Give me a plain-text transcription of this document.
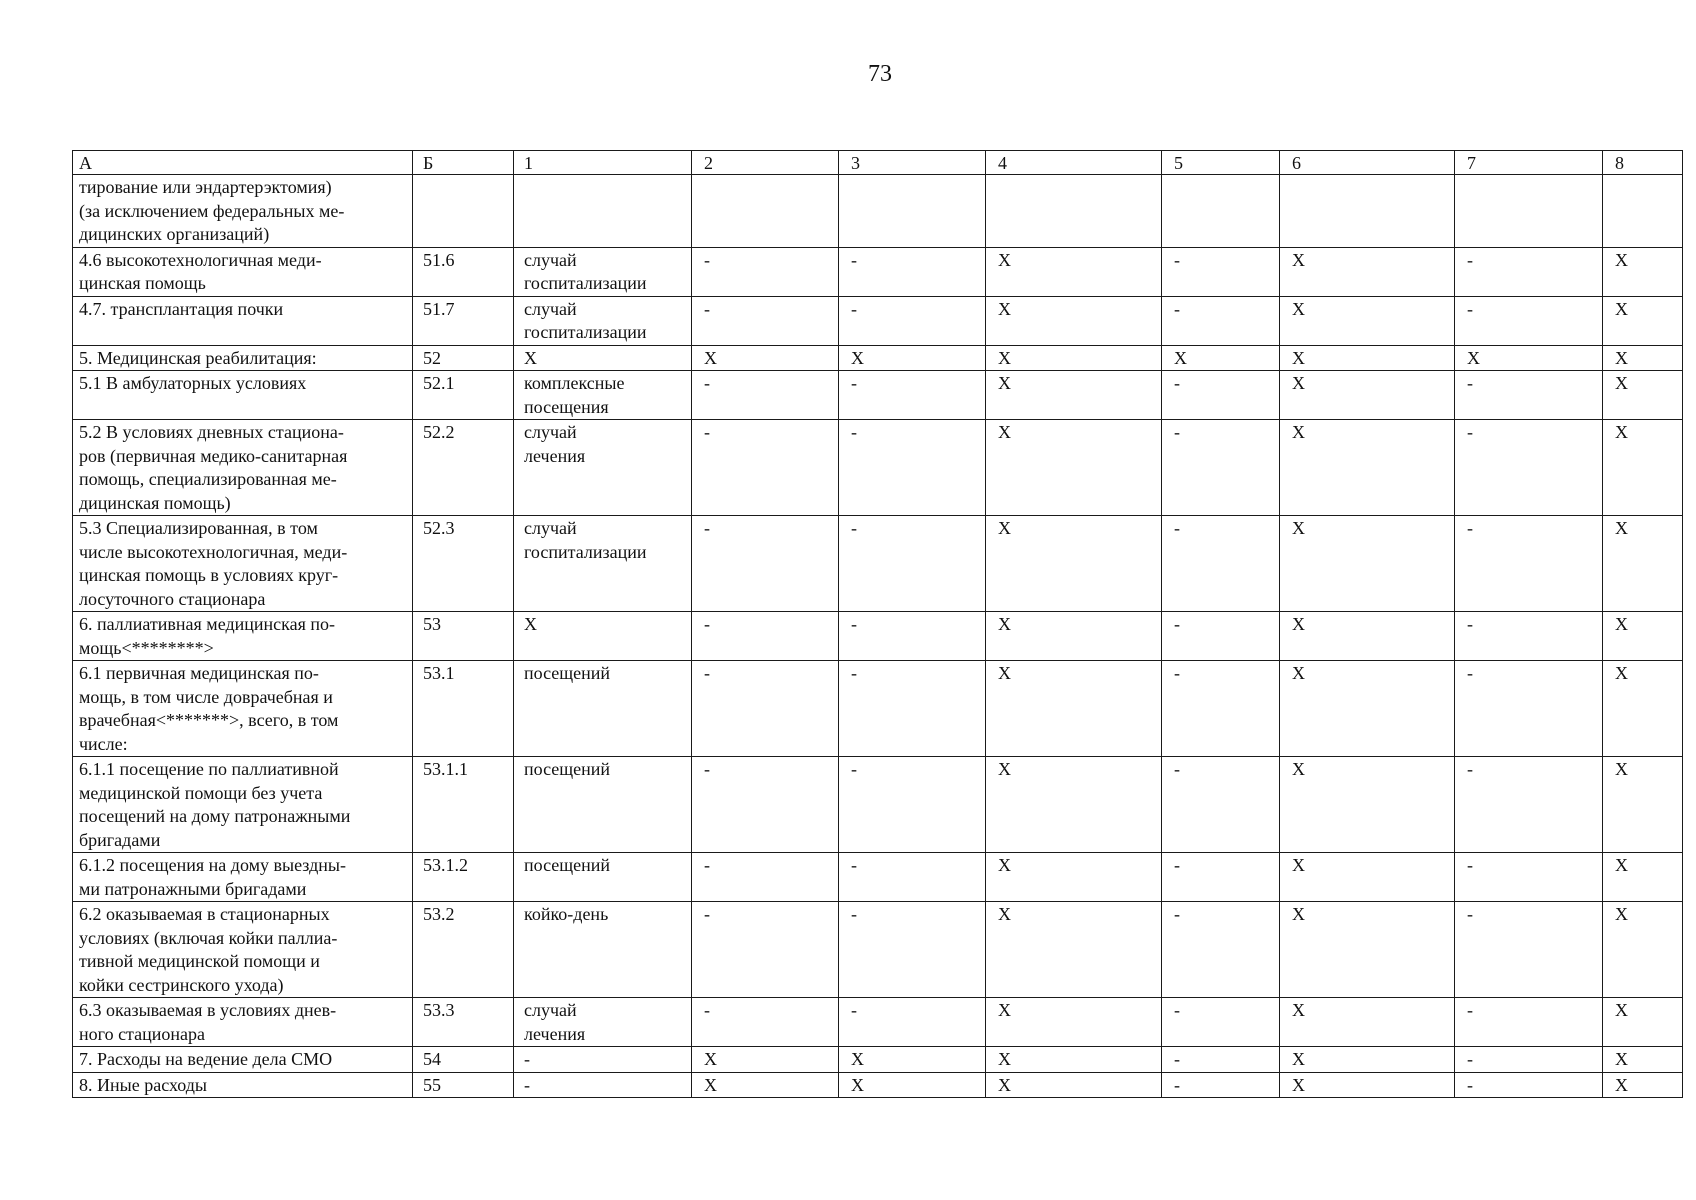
73
А	Б	1	2	3	4	5	6	7	8
тирование или эндартерэктомия)
(за исключением федеральных ме-
дицинских организаций)									
4.6 высокотехнологичная меди-
цинская помощь	51.6	случай
госпитализации	-	-	X	-	X	-	X
4.7. трансплантация почки	51.7	случай
госпитализации	-	-	X	-	X	-	X
5. Медицинская реабилитация:	52	X	X	X	X	X	X	X	X
5.1 В амбулаторных условиях	52.1	комплексные
посещения	-	-	X	-	X	-	X
5.2 В условиях дневных стациона-
ров (первичная медико-санитарная
помощь, специализированная ме-
дицинская помощь)	52.2	случай
лечения	-	-	X	-	X	-	X
5.3 Специализированная, в том
числе высокотехнологичная, меди-
цинская помощь в условиях круг-
лосуточного стационара	52.3	случай
госпитализации	-	-	X	-	X	-	X
6. паллиативная медицинская по-
мощь<********>	53	X	-	-	X	-	X	-	X
6.1 первичная медицинская по-
мощь, в том числе доврачебная и
врачебная<*******>, всего, в том
числе:	53.1	посещений	-	-	X	-	X	-	X
6.1.1 посещение по паллиативной
медицинской помощи без учета
посещений на дому патронажными
бригадами	53.1.1	посещений	-	-	X	-	X	-	X
6.1.2 посещения на дому выездны-
ми патронажными бригадами	53.1.2	посещений	-	-	X	-	X	-	X
6.2 оказываемая в стационарных
условиях (включая койки паллиа-
тивной медицинской помощи и
койки сестринского ухода)	53.2	койко-день	-	-	X	-	X	-	X
6.3 оказываемая в условиях днев-
ного стационара	53.3	случай
лечения	-	-	X	-	X	-	X
7. Расходы на ведение дела СМО	54	-	X	X	X	-	X	-	X
8. Иные расходы	55	-	X	X	X	-	X	-	X
